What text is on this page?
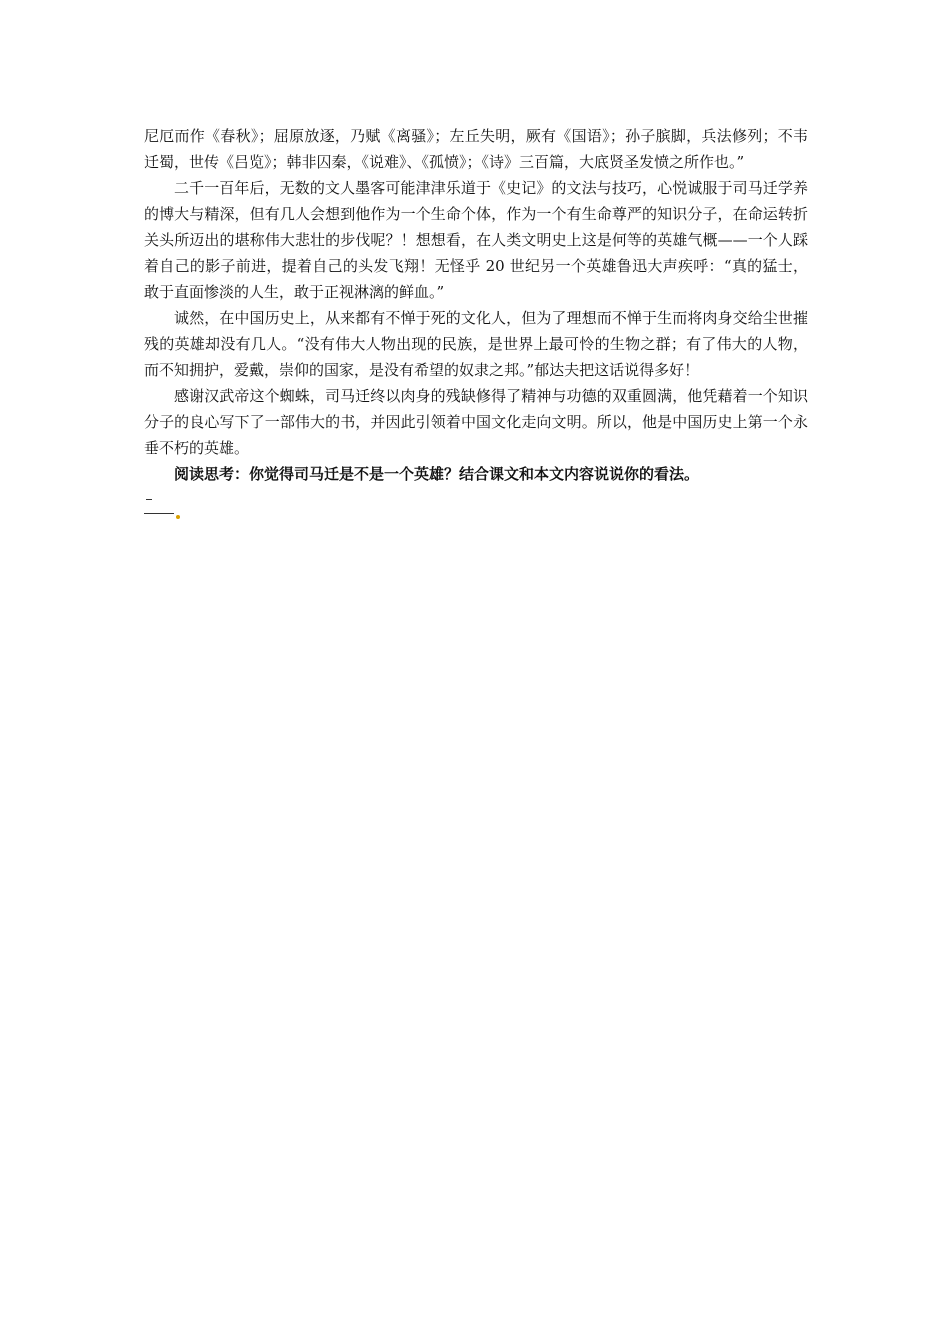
尼厄而作《春秋》；屈原放逐，乃赋《离骚》；左丘失明，厥有《国语》；孙子膑脚，兵法修列；不韦迁蜀，世传《吕览》；韩非囚秦，《说难》、《孤愤》；《诗》三百篇，大底贤圣发愤之所作也。”

二千一百年后，无数的文人墨客可能津津乐道于《史记》的文法与技巧，心悦诚服于司马迁学养的博大与精深，但有几人会想到他作为一个生命个体，作为一个有生命尊严的知识分子，在命运转折关头所迈出的堪称伟大悲壮的步伐呢？！想想看，在人类文明史上这是何等的英雄气概——一个人踩着自己的影子前进，提着自己的头发飞翔！无怪乎 20 世纪另一个英雄鲁迅大声疾呼：“真的猛士，敢于直面惨淡的人生，敢于正视淋漓的鲜血。”

诚然，在中国历史上，从来都有不惮于死的文化人，但为了理想而不惮于生而将肉身交给尘世摧残的英雄却没有几人。“没有伟大人物出现的民族，是世界上最可怜的生物之群；有了伟大的人物，而不知拥护，爱戴，崇仰的国家，是没有希望的奴隶之邦。”郁达夫把这话说得多好！

感谢汉武帝这个蜘蛛，司马迁终以肉身的残缺修得了精神与功德的双重圆满，他凭藉着一个知识分子的良心写下了一部伟大的书，并因此引领着中国文化走向文明。所以，他是中国历史上第一个永垂不朽的英雄。

阅读思考：你觉得司马迁是不是一个英雄？结合课文和本文内容说说你的看法。
